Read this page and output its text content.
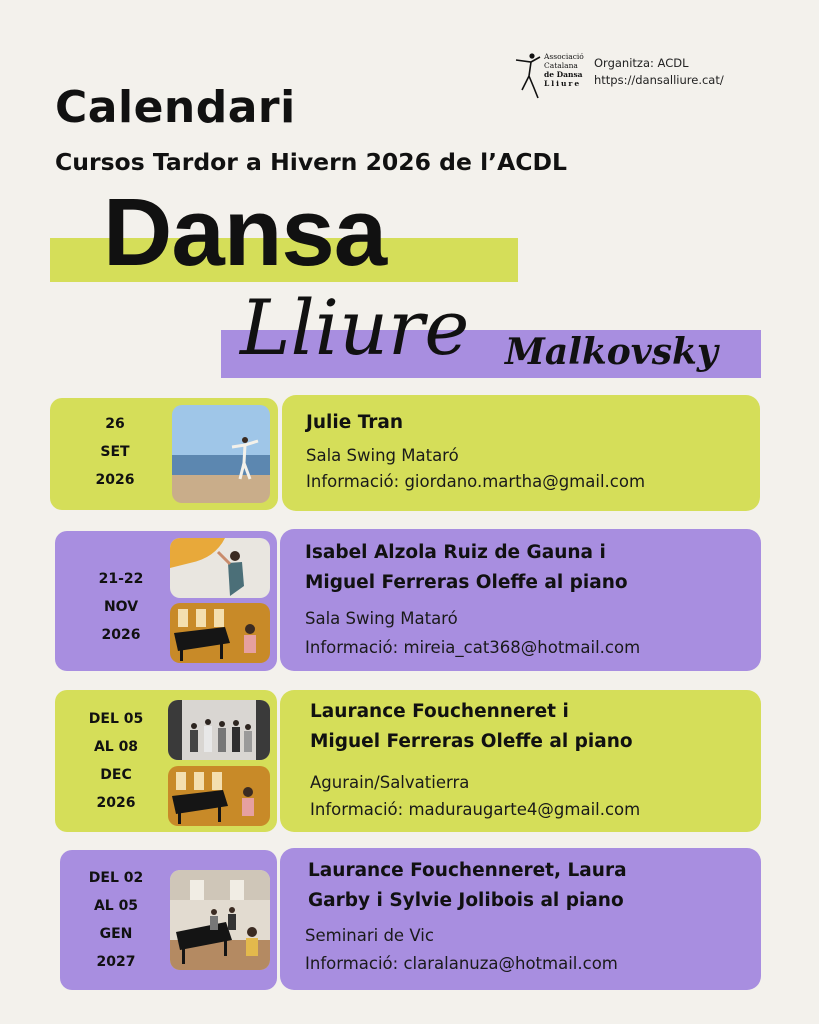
Associació
Catalana
de Dansa
Lliure
Organitza: ACDL
https://dansalliure.cat/
Calendari
Cursos Tardor a Hivern 2026 de l’ACDL
Dansa
Lliure Malkovsky
26
SET
2026
Julie Tran
Sala Swing Mataró
Informació: giordano.martha@gmail.com
21-22
NOV
2026
Isabel Alzola Ruiz de Gauna i
Miguel Ferreras Oleffe al piano
Sala Swing Mataró
Informació: mireia_cat368@hotmail.com
DEL 05
AL 08
DEC
2026
Laurance Fouchenneret i
Miguel Ferreras Oleffe al piano
Agurain/Salvatierra
Informació: maduraugarte4@gmail.com
DEL 02
AL 05
GEN
2027
Laurance Fouchenneret, Laura
Garby i Sylvie Jolibois al piano
Seminari de Vic
Informació: claralanuza@hotmail.com
